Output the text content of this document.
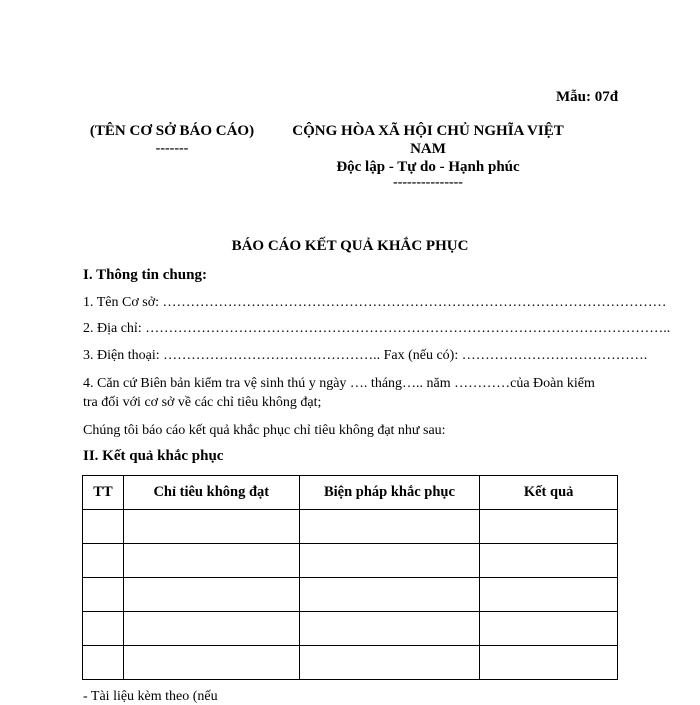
Mẫu: 07đ
(TÊN CƠ SỞ BÁO CÁO)
-------
CỘNG HÒA XÃ HỘI CHỦ NGHĨA VIỆT
NAM
Độc lập - Tự do - Hạnh phúc
---------------
BÁO CÁO KẾT QUẢ KHẮC PHỤC
I. Thông tin chung:
1. Tên Cơ sở: ………………………………………………………………………………………………
2. Địa chỉ: …………………………………………………………………………………………………..
3. Điện thoại: ……………………………………….. Fax (nếu có): ………………………………….
4. Căn cứ Biên bản kiểm tra vệ sinh thú y ngày …. tháng….. năm …………của Đoàn kiểm
tra đối với cơ sở về các chỉ tiêu không đạt;
Chúng tôi báo cáo kết quả khắc phục chỉ tiêu không đạt như sau:
II. Kết quả khắc phục
TT	Chỉ tiêu không đạt	Biện pháp khắc phục	Kết quả

- Tài liệu kèm theo (nếu
